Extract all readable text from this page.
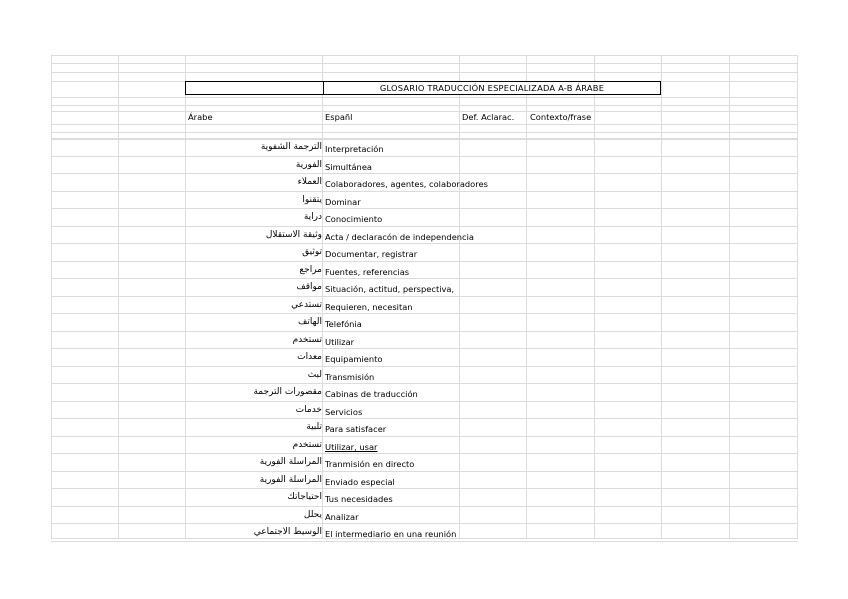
GLOSARIO TRADUCCIÓN ESPECIALIZADA A-B ÁRABE
Árabe	Españl	Def. Aclarac. Contexto/frase
الترجمة الشفوية Interpretación
الفورية Simultánea
العملاء Colaboradores, agentes, colaboradores
يتقنوا Dominar
دراية Conocimiento
وثيقة الاستقلال Acta / declaracón de independencia
توثيق Documentar, registrar
مراجع Fuentes, referencias
مواقف Situación, actitud, perspectiva,
تستدعي Requieren, necesitan
الهاتف Telefónia
تستخدم Utilizar
معدات Equipamiento
لبث Transmisión
مقصورات الترجمة Cabinas de traducción
خدمات Servicios
تلبية Para satisfacer
تستخدم Utilizar, usar
المراسلة الفورية Tranmisión en directo
المراسلة الفورية Enviado especial
احتياجاتك Tus necesidades
يحلل Analizar
الوسيط الاجتماعي El intermediario en una reunión
